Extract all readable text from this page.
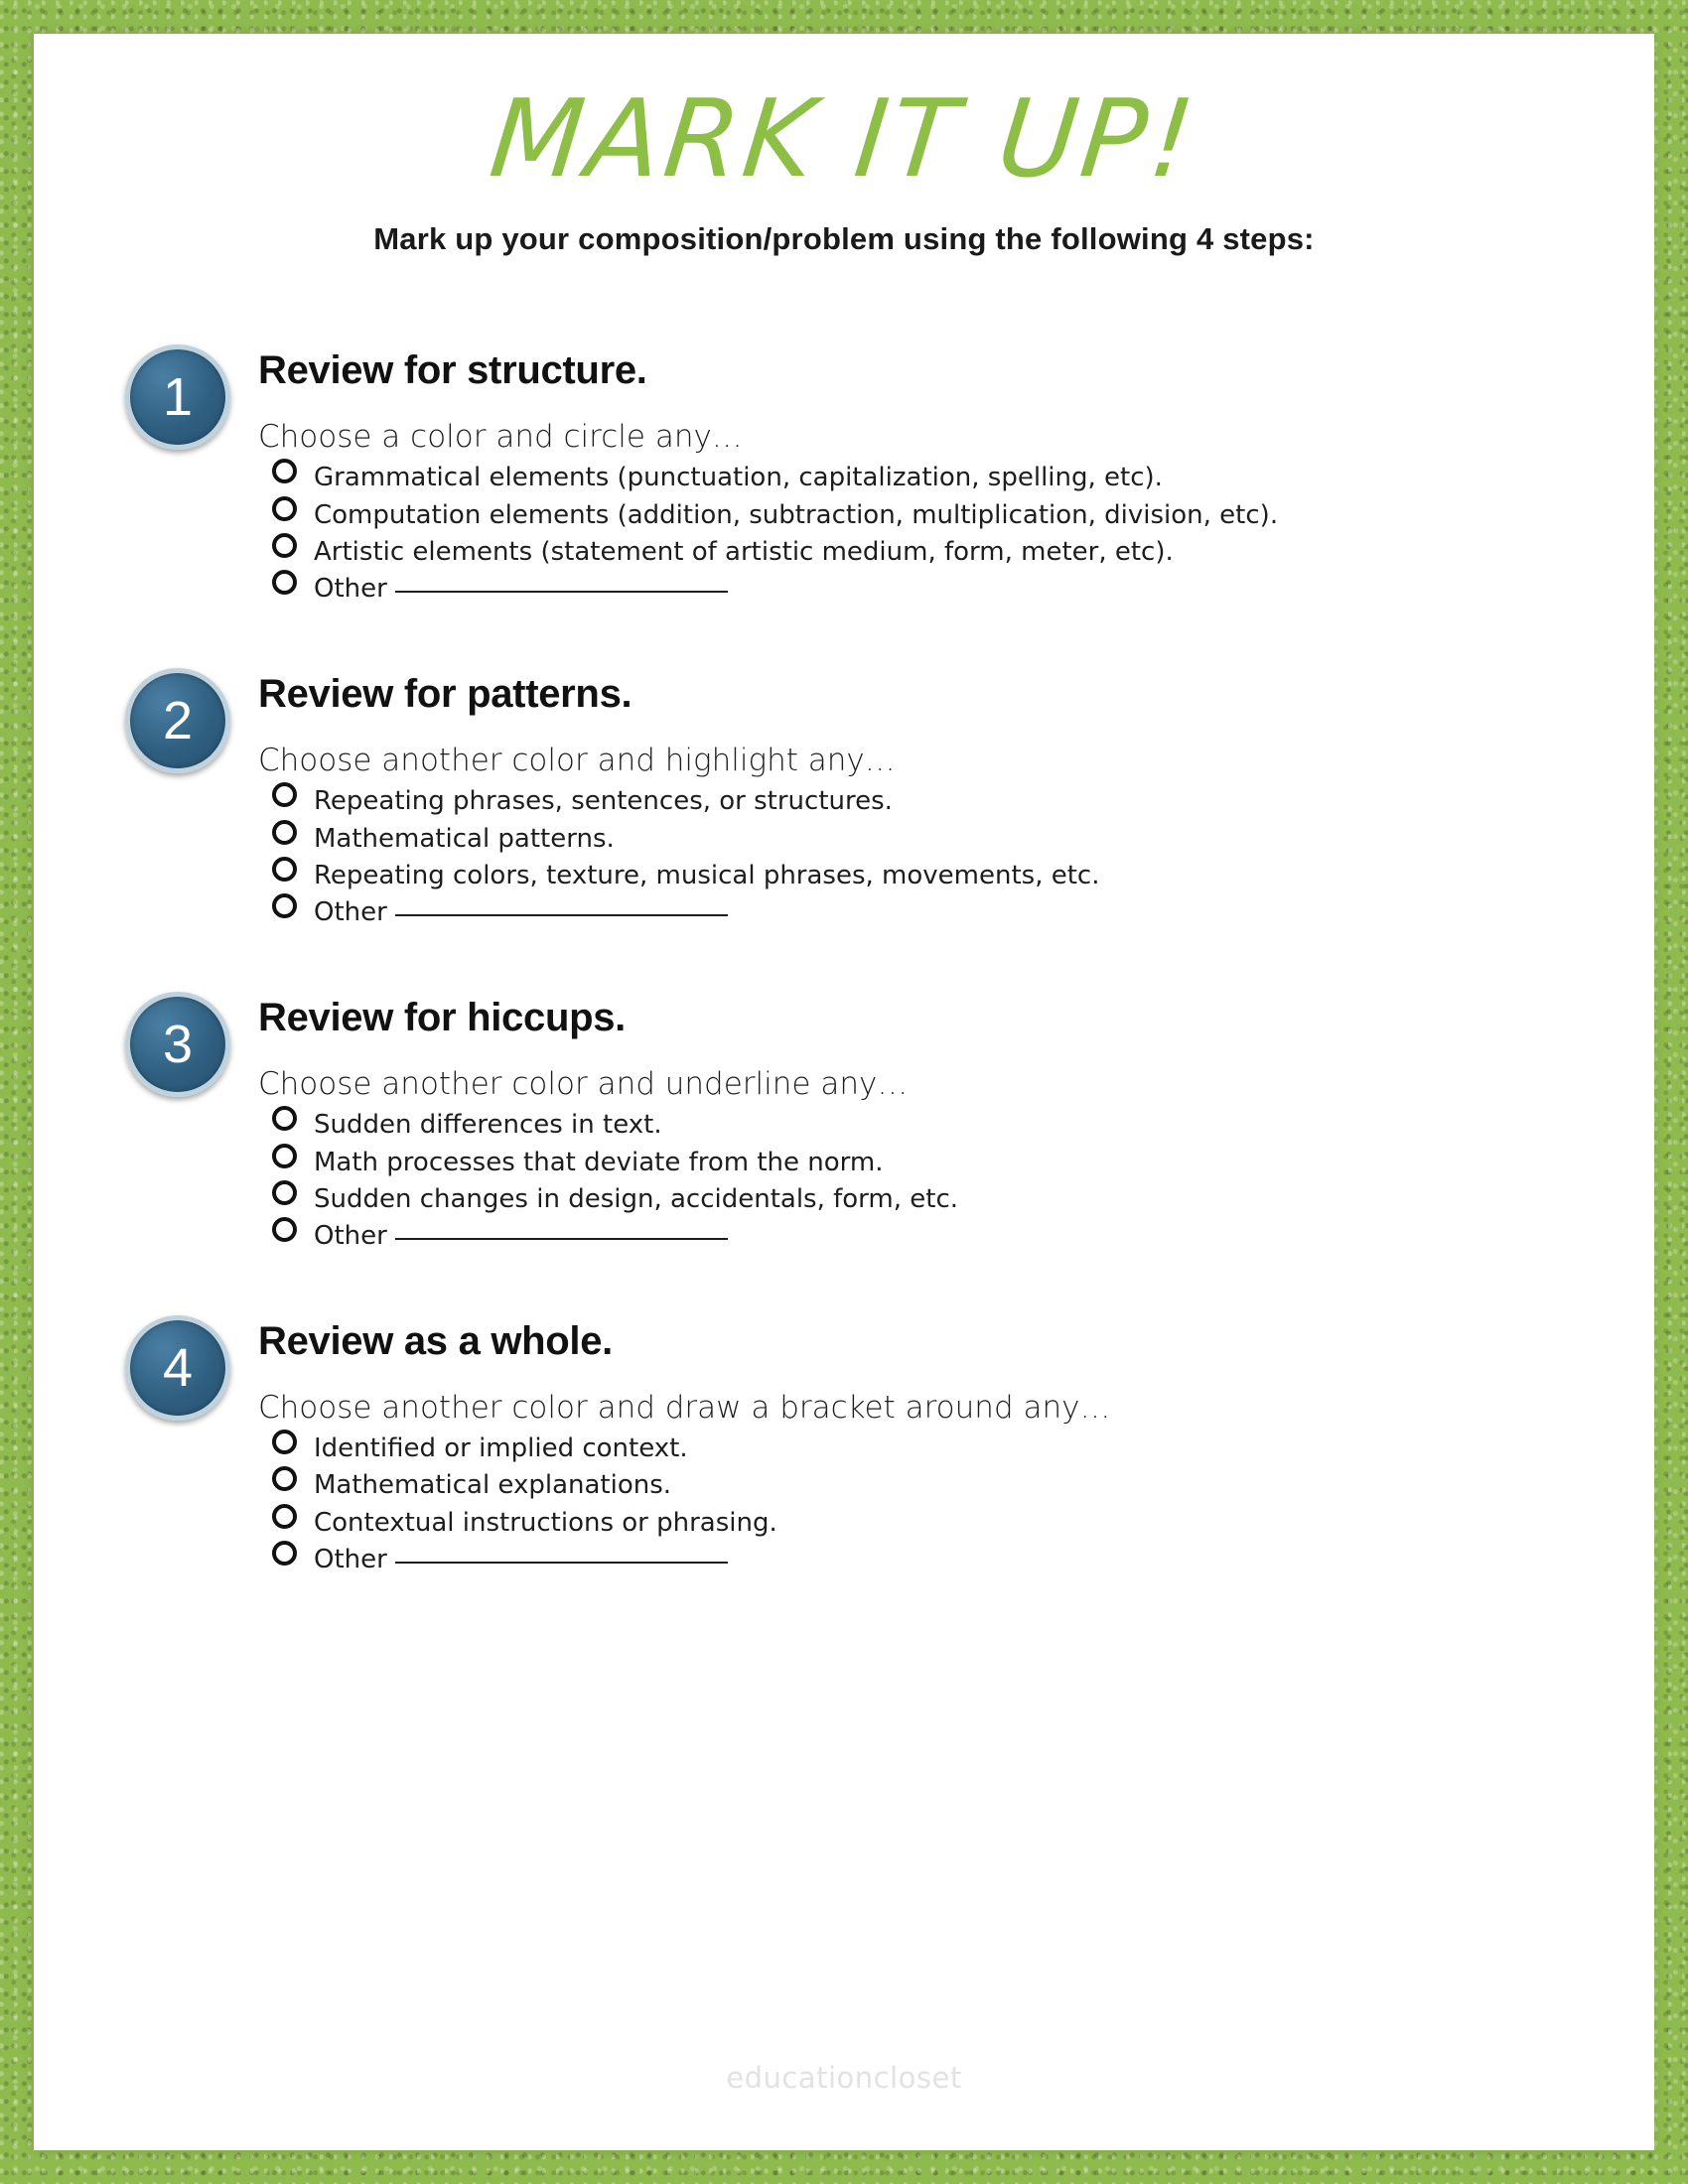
MARK IT UP!

Mark up your composition/problem using the following 4 steps:

1	Review for structure.
Choose a color and circle any…
Grammatical elements (punctuation, capitalization, spelling, etc).
Computation elements (addition, subtraction, multiplication, division, etc).
Artistic elements (statement of artistic medium, form, meter, etc).
Other
2	Review for patterns.
Choose another color and highlight any…
Repeating phrases, sentences, or structures.
Mathematical patterns.
Repeating colors, texture, musical phrases, movements, etc.
Other
3	Review for hiccups.
Choose another color and underline any…
Sudden differences in text.
Math processes that deviate from the norm.
Sudden changes in design, accidentals, form, etc.
Other
4	Review as a whole.
Choose another color and draw a bracket around any…
Identified or implied context.
Mathematical explanations.
Contextual instructions or phrasing.
Other
educationcloset
